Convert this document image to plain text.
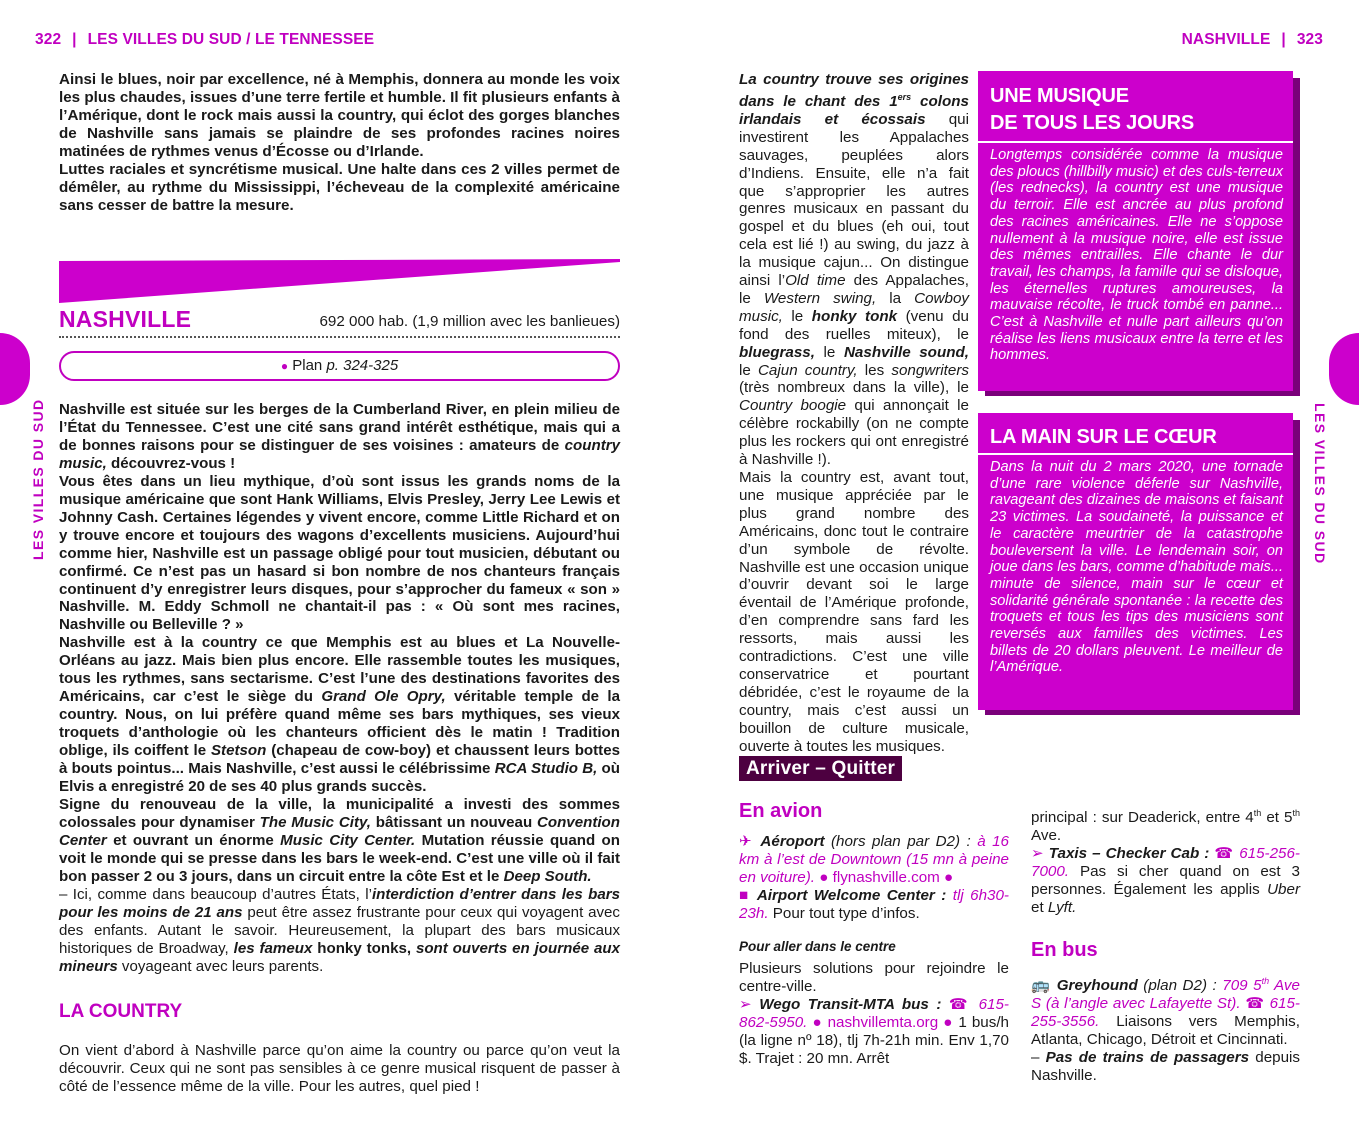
322 | LES VILLES DU SUD / LE TENNESSEE
LES VILLES DU SUD
Ainsi le blues, noir par excellence, né à Memphis, donnera au monde les voix les plus chaudes, issues d’une terre fertile et humble. Il fit plusieurs enfants à l’Amérique, dont le rock mais aussi la country, qui éclot des gorges blanches de Nashville sans jamais se plaindre de ses profondes racines noires matinées de rythmes venus d’Écosse ou d’Irlande.
Luttes raciales et syncrétisme musical. Une halte dans ces 2 villes permet de démêler, au rythme du Mississippi, l’écheveau de la complexité américaine sans cesser de battre la mesure.
NASHVILLE	692 000 hab. (1,9 million avec les banlieues)
● Plan p. 324-325
Nashville est située sur les berges de la Cumberland River, en plein milieu de l’État du Tennessee. C’est une cité sans grand intérêt esthétique, mais qui a de bonnes raisons pour se distinguer de ses voisines : amateurs de country music, découvrez-vous !
Vous êtes dans un lieu mythique, d’où sont issus les grands noms de la musique américaine que sont Hank Williams, Elvis Presley, Jerry Lee Lewis et Johnny Cash. Certaines légendes y vivent encore, comme Little Richard et on y trouve encore et toujours des wagons d’excellents musiciens. Aujourd’hui comme hier, Nashville est un passage obligé pour tout musicien, débutant ou confirmé. Ce n’est pas un hasard si bon nombre de nos chanteurs français continuent d’y enregistrer leurs disques, pour s’approcher du fameux « son » Nashville. M. Eddy Schmoll ne chantait-il pas : « Où sont mes racines, Nashville ou Belleville ? »
Nashville est à la country ce que Memphis est au blues et La Nouvelle-Orléans au jazz. Mais bien plus encore. Elle rassemble toutes les musiques, tous les rythmes, sans sectarisme. C’est l’une des destinations favorites des Américains, car c’est le siège du Grand Ole Opry, véritable temple de la country. Nous, on lui préfère quand même ses bars mythiques, ses vieux troquets d’anthologie où les chanteurs officient dès le matin ! Tradition oblige, ils coiffent le Stetson (chapeau de cow-boy) et chaussent leurs bottes à bouts pointus... Mais Nashville, c’est aussi le célébrissime RCA Studio B, où Elvis a enregistré 20 de ses 40 plus grands succès.
Signe du renouveau de la ville, la municipalité a investi des sommes colossales pour dynamiser The Music City, bâtissant un nouveau Convention Center et ouvrant un énorme Music City Center. Mutation réussie quand on voit le monde qui se presse dans les bars le week-end. C’est une ville où il fait bon passer 2 ou 3 jours, dans un circuit entre la côte Est et le Deep South.
– Ici, comme dans beaucoup d’autres États, l’interdiction d’entrer dans les bars pour les moins de 21 ans peut être assez frustrante pour ceux qui voyagent avec des enfants. Autant le savoir. Heureusement, la plupart des bars musicaux historiques de Broadway, les fameux honky tonks, sont ouverts en journée aux mineurs voyageant avec leurs parents.
LA COUNTRY
On vient d’abord à Nashville parce qu’on aime la country ou parce qu’on veut la découvrir. Ceux qui ne sont pas sensibles à ce genre musical risquent de passer à côté de l’essence même de la ville. Pour les autres, quel pied !
NASHVILLE | 323
LES VILLES DU SUD
La country trouve ses origines dans le chant des 1ers colons irlandais et écossais qui investirent les Appalaches sauvages, peuplées alors d’Indiens. Ensuite, elle n’a fait que s’approprier les autres genres musicaux en passant du gospel et du blues (eh oui, tout cela est lié !) au swing, du jazz à la musique cajun... On distingue ainsi l’Old time des Appalaches, le Western swing, la Cowboy music, le honky tonk (venu du fond des ruelles miteux), le bluegrass, le Nashville sound, le Cajun country, les songwriters (très nombreux dans la ville), le Country boogie qui annonçait le célèbre rockabilly (on ne compte plus les rockers qui ont enregistré à Nashville !).
Mais la country est, avant tout, une musique appréciée par le plus grand nombre des Américains, donc tout le contraire d’un symbole de révolte. Nashville est une occasion unique d’ouvrir devant soi le large éventail de l’Amérique profonde, d’en comprendre sans fard les ressorts, mais aussi les contradictions. C’est une ville conservatrice et pourtant débridée, c’est le royaume de la country, mais c’est aussi un bouillon de culture musicale, ouverte à toutes les musiques.
UNE MUSIQUE
DE TOUS LES JOURS
Longtemps considérée comme la musique des ploucs (hillbilly music) et des culs-terreux (les rednecks), la country est une musique du terroir. Elle est ancrée au plus profond des racines américaines. Elle ne s’oppose nullement à la musique noire, elle est issue des mêmes entrailles. Elle chante le dur travail, les champs, la famille qui se disloque, les éternelles ruptures amoureuses, la mauvaise récolte, le truck tombé en panne... C’est à Nashville et nulle part ailleurs qu’on réalise les liens musicaux entre la terre et les hommes.
LA MAIN SUR LE CŒUR
Dans la nuit du 2 mars 2020, une tornade d’une rare violence déferle sur Nashville, ravageant des dizaines de maisons et faisant 23 victimes. La soudaineté, la puissance et le caractère meurtrier de la catastrophe bouleversent la ville. Le lendemain soir, on joue dans les bars, comme d’habitude mais... minute de silence, main sur le cœur et solidarité générale spontanée : la recette des troquets et tous les tips des musiciens sont reversés aux familles des victimes. Les billets de 20 dollars pleuvent. Le meilleur de l’Amérique.
Arriver – Quitter
En avion
✈ Aéroport (hors plan par D2) : à 16 km à l’est de Downtown (15 mn à peine en voiture). ● flynashville.com ●
■ Airport Welcome Center : tlj 6h30-23h. Pour tout type d’infos.
Pour aller dans le centre
Plusieurs solutions pour rejoindre le centre-ville.
➢ Wego Transit-MTA bus : ☎ 615-862-5950. ● nashvillemta.org ● 1 bus/h (la ligne nº 18), tlj 7h-21h min. Env 1,70 $. Trajet : 20 mn. Arrêt
principal : sur Deaderick, entre 4th et 5th Ave.
➢ Taxis – Checker Cab : ☎ 615-256-7000. Pas si cher quand on est 3 personnes. Également les applis Uber et Lyft.
En bus
🚌 Greyhound (plan D2) : 709 5th Ave S (à l’angle avec Lafayette St). ☎ 615-255-3556. Liaisons vers Memphis, Atlanta, Chicago, Détroit et Cincinnati.
– Pas de trains de passagers depuis Nashville.
